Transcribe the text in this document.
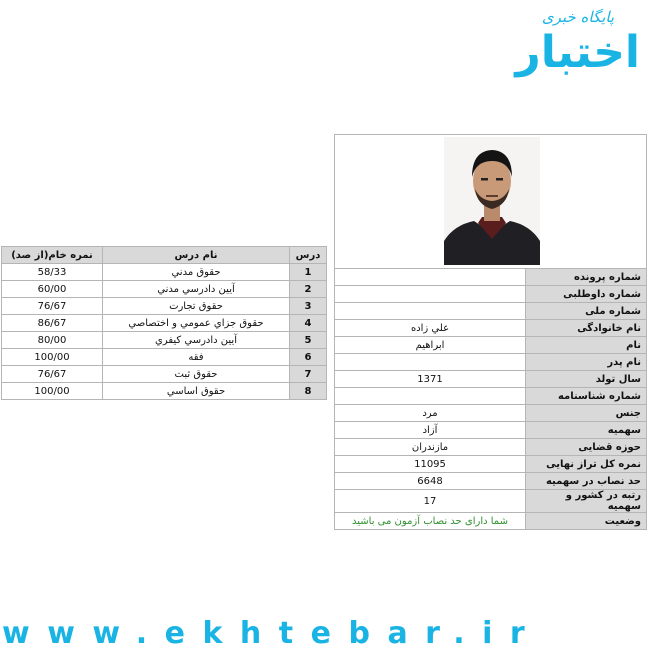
پایگاه خبری
اختبار
شماره پرونده	
شماره داوطلبی	
شماره ملی	
نام خانوادگی	علي زاده
نام	ابراهیم
نام پدر	
سال تولد	1371
شماره شناسنامه	
جنس	مرد
سهمیه	آزاد
حوزه قضایی	مازندران
نمره کل تراز نهایی	11095
حد نصاب در سهمیه	6648
رتبه در کشور و سهمیه	17
وضعیت	شما دارای حد نصاب آزمون می باشید
درس	نام درس	نمره خام(از صد)
1	حقوق مدني	58/33
2	آيين دادرسي مدني	60/00
3	حقوق تجارت	76/67
4	حقوق جزاي عمومي و اختصاصي	86/67
5	آيين دادرسي كيفري	80/00
6	فقه	100/00
7	حقوق ثبت	76/67
8	حقوق اساسي	100/00
www.ekhtebar.ir
